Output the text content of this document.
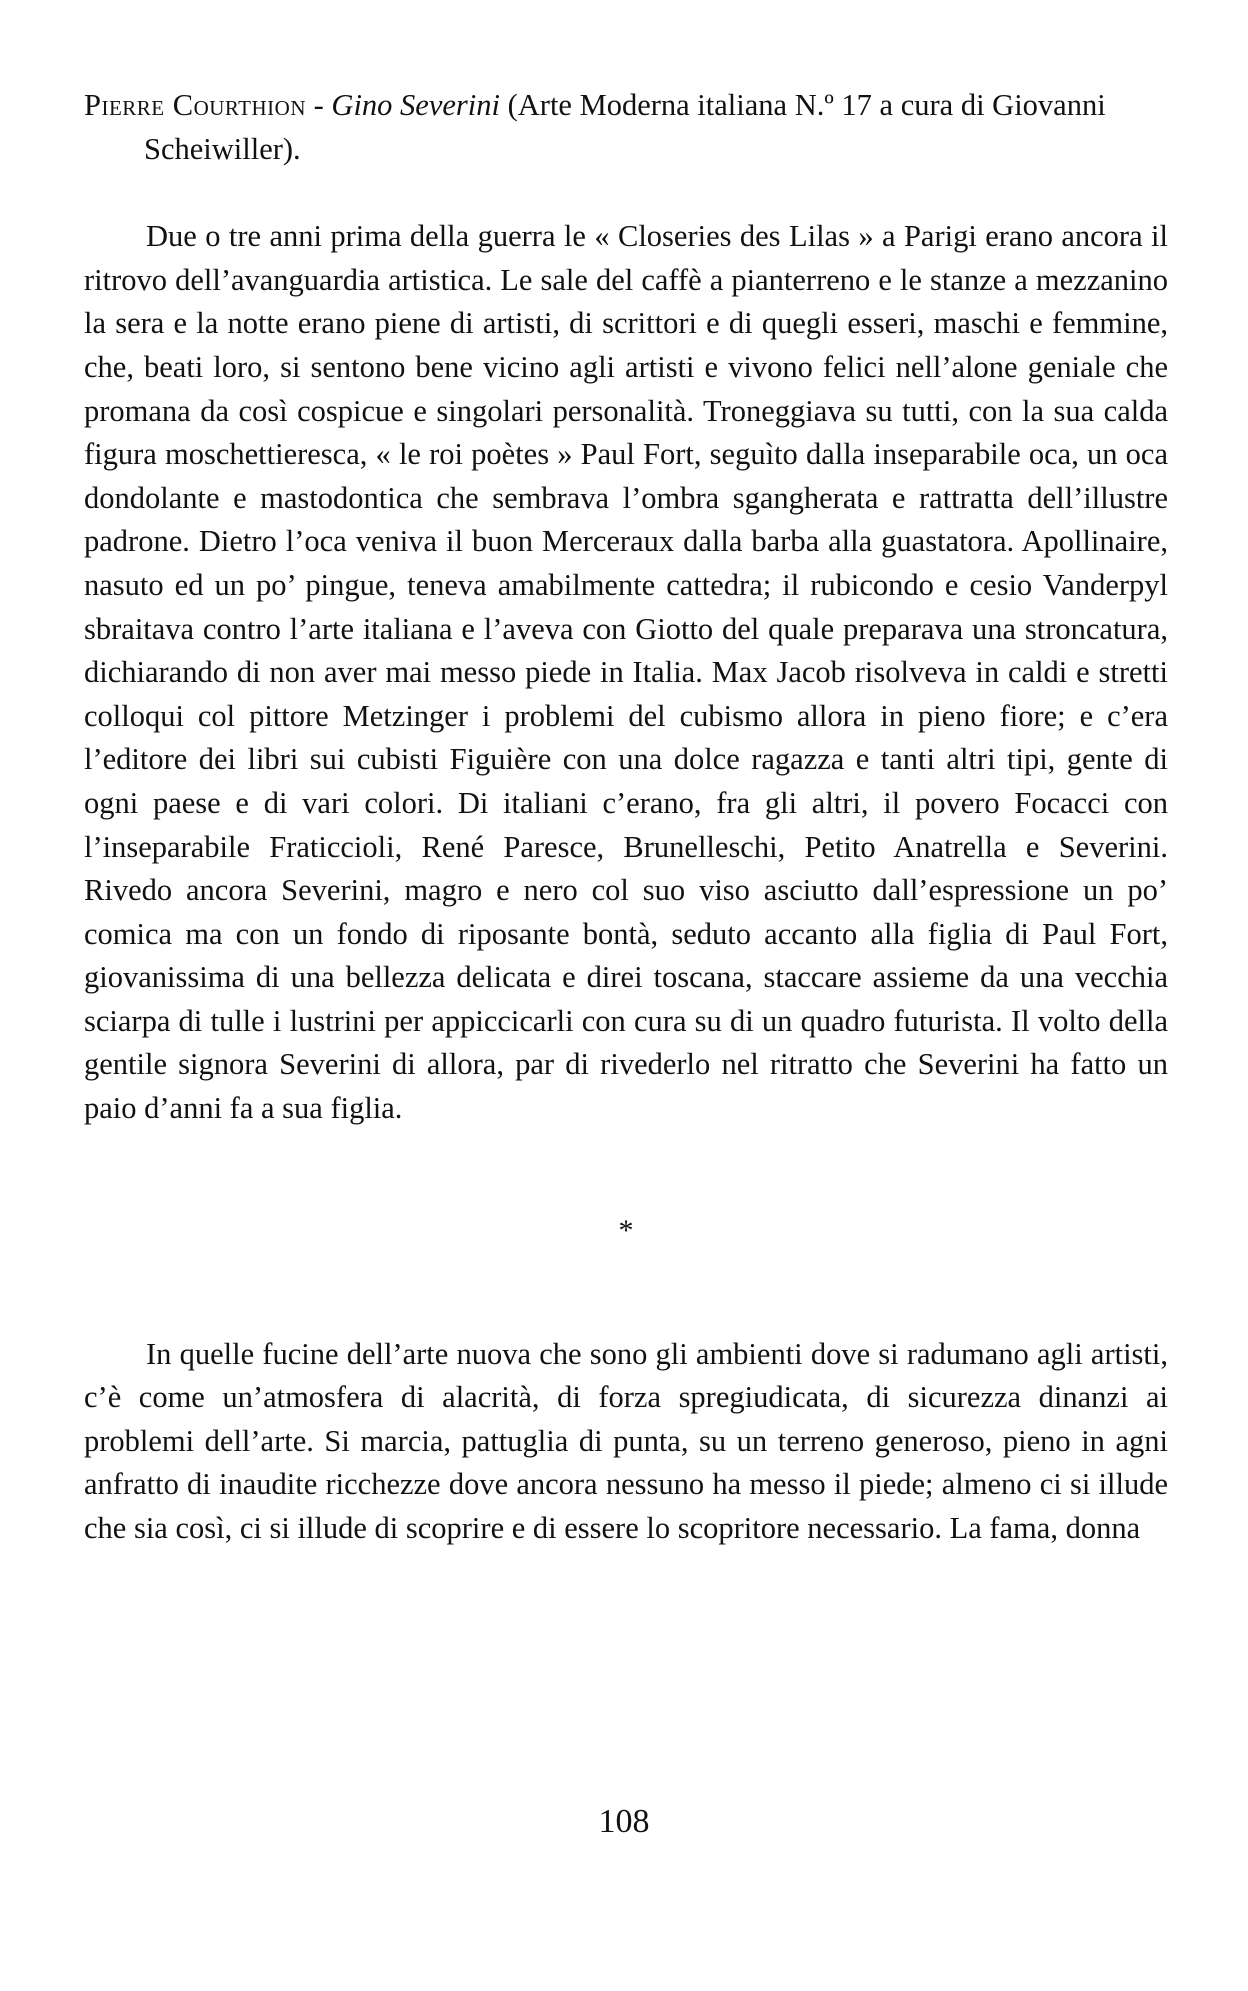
Pierre Courthion - Gino Severini (Arte Moderna italiana N.º 17 a cura di Giovanni Scheiwiller).

Due o tre anni prima della guerra le « Closeries des Lilas » a Parigi erano ancora il ritrovo dell’avanguardia artistica. Le sale del caffè a pianterreno e le stanze a mezzanino la sera e la notte erano piene di artisti, di scrittori e di quegli esseri, maschi e femmine, che, beati loro, si sentono bene vicino agli artisti e vivono felici nell’alone geniale che promana da così cospicue e singolari personalità. Troneggiava su tutti, con la sua calda figura moschettieresca, « le roi poètes » Paul Fort, seguìto dalla inseparabile oca, un oca dondolante e mastodontica che sembrava l’ombra sgangherata e rattratta dell’illustre padrone. Dietro l’oca veniva il buon Merceraux dalla barba alla guastatora. Apollinaire, nasuto ed un po’ pingue, teneva amabilmente cattedra; il rubicondo e cesio Vanderpyl sbraitava contro l’arte italiana e l’aveva con Giotto del quale preparava una stroncatura, dichiarando di non aver mai messo piede in Italia. Max Jacob risolveva in caldi e stretti colloqui col pittore Metzinger i problemi del cubismo allora in pieno fiore; e c’era l’editore dei libri sui cubisti Figuière con una dolce ragazza e tanti altri tipi, gente di ogni paese e di vari colori. Di italiani c’erano, fra gli altri, il povero Focacci con l’inseparabile Fraticcioli, René Paresce, Brunelleschi, Petito Anatrella e Severini. Rivedo ancora Severini, magro e nero col suo viso asciutto dall’espressione un po’ comica ma con un fondo di riposante bontà, seduto accanto alla figlia di Paul Fort, giovanissima di una bellezza delicata e direi toscana, staccare assieme da una vecchia sciarpa di tulle i lustrini per appiccicarli con cura su di un quadro futurista. Il volto della gentile signora Severini di allora, par di rivederlo nel ritratto che Severini ha fatto un paio d’anni fa a sua figlia.

*

In quelle fucine dell’arte nuova che sono gli ambienti dove si radumano agli artisti, c’è come un’atmosfera di alacrità, di forza spregiudicata, di sicurezza dinanzi ai problemi dell’arte. Si marcia, pattuglia di punta, su un terreno generoso, pieno in agni anfratto di inaudite ricchezze dove ancora nessuno ha messo il piede; almeno ci si illude che sia così, ci si illude di scoprire e di essere lo scopritore necessario. La fama, donna

108
